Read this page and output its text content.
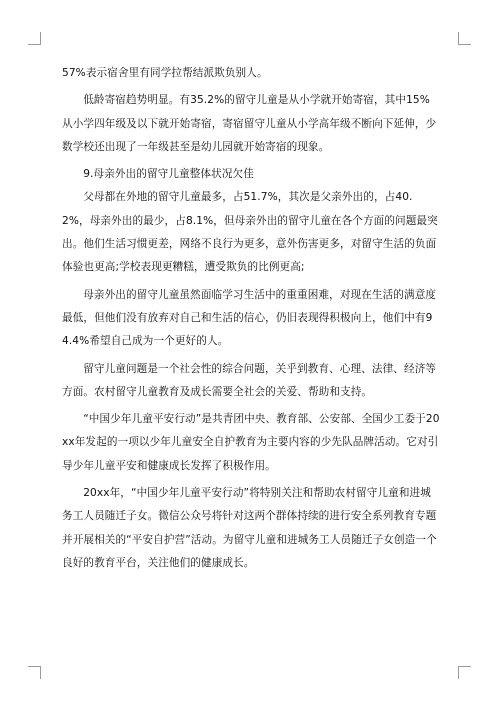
57%表示宿舍里有同学拉帮结派欺负别人。

低龄寄宿趋势明显。有35.2%的留守儿童是从小学就开始寄宿，其中15%从小学四年级及以下就开始寄宿，寄宿留守儿童从小学高年级不断向下延伸，少数学校还出现了一年级甚至是幼儿园就开始寄宿的现象。

9.母亲外出的留守儿童整体状况欠佳

父母都在外地的留守儿童最多，占51.7%，其次是父亲外出的，占40.2%，母亲外出的最少，占8.1%，但母亲外出的留守儿童在各个方面的问题最突出。他们生活习惯更差，网络不良行为更多，意外伤害更多，对留守生活的负面体验也更高;学校表现更糟糕，遭受欺负的比例更高;

母亲外出的留守儿童虽然面临学习生活中的重重困难，对现在生活的满意度最低，但他们没有放弃对自己和生活的信心，仍旧表现得积极向上，他们中有94.4%希望自己成为一个更好的人。

留守儿童问题是一个社会性的综合问题，关乎到教育、心理、法律、经济等方面。农村留守儿童教育及成长需要全社会的关爱、帮助和支持。

“中国少年儿童平安行动”是共青团中央、教育部、公安部、全国少工委于20xx年发起的一项以少年儿童安全自护教育为主要内容的少先队品牌活动。它对引导少年儿童平安和健康成长发挥了积极作用。

20xx年，“中国少年儿童平安行动”将特别关注和帮助农村留守儿童和进城务工人员随迁子女。微信公众号将针对这两个群体持续的进行安全系列教育专题并开展相关的“平安自护营”活动。为留守儿童和进城务工人员随迁子女创造一个良好的教育平台，关注他们的健康成长。
